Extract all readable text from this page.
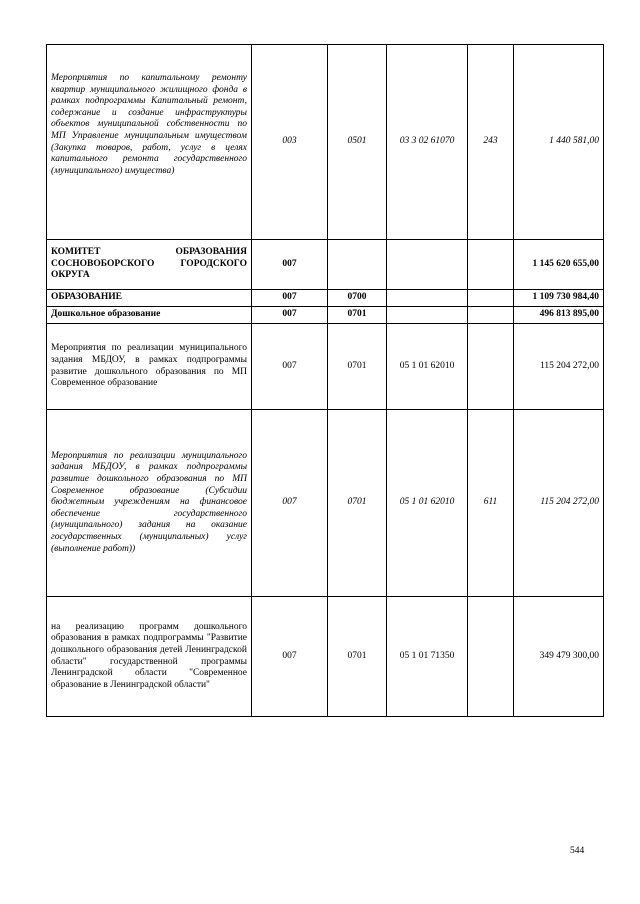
Мероприятия по капитальному ремонту квартир муниципального жилищного фонда в рамках подпрограммы Капитальный ремонт, содержание и создание инфраструктуры объектов муниципальной собственности по МП Управление муниципальным имуществом (Закупка товаров, работ, услуг в целях капитального ремонта государственного (муниципального) имущества)	003	0501	03 3 02 61070	243	1 440 581,00
КОМИТЕТ ОБРАЗОВАНИЯ СОСНОВОБОРСКОГО ГОРОДСКОГО ОКРУГА	007				1 145 620 655,00
ОБРАЗОВАНИЕ	007	0700			1 109 730 984,40
Дошкольное образование	007	0701			496 813 895,00
Мероприятия по реализации муниципального задания МБДОУ, в рамках подпрограммы развитие дошкольного образования по МП Современное образование	007	0701	05 1 01 62010		115 204 272,00
Мероприятия по реализации муниципального задания МБДОУ, в рамках подпрограммы развитие дошкольного образования по МП Современное образование (Субсидии бюджетным учреждениям на финансовое обеспечение государственного (муниципального) задания на оказание государственных (муниципальных) услуг (выполнение работ))	007	0701	05 1 01 62010	611	115 204 272,00
на реализацию программ дошкольного образования в рамках подпрограммы "Развитие дошкольного образования детей Ленинградской области" государственной программы Ленинградской области "Современное образование в Ленинградской области"	007	0701	05 1 01 71350		349 479 300,00
544
